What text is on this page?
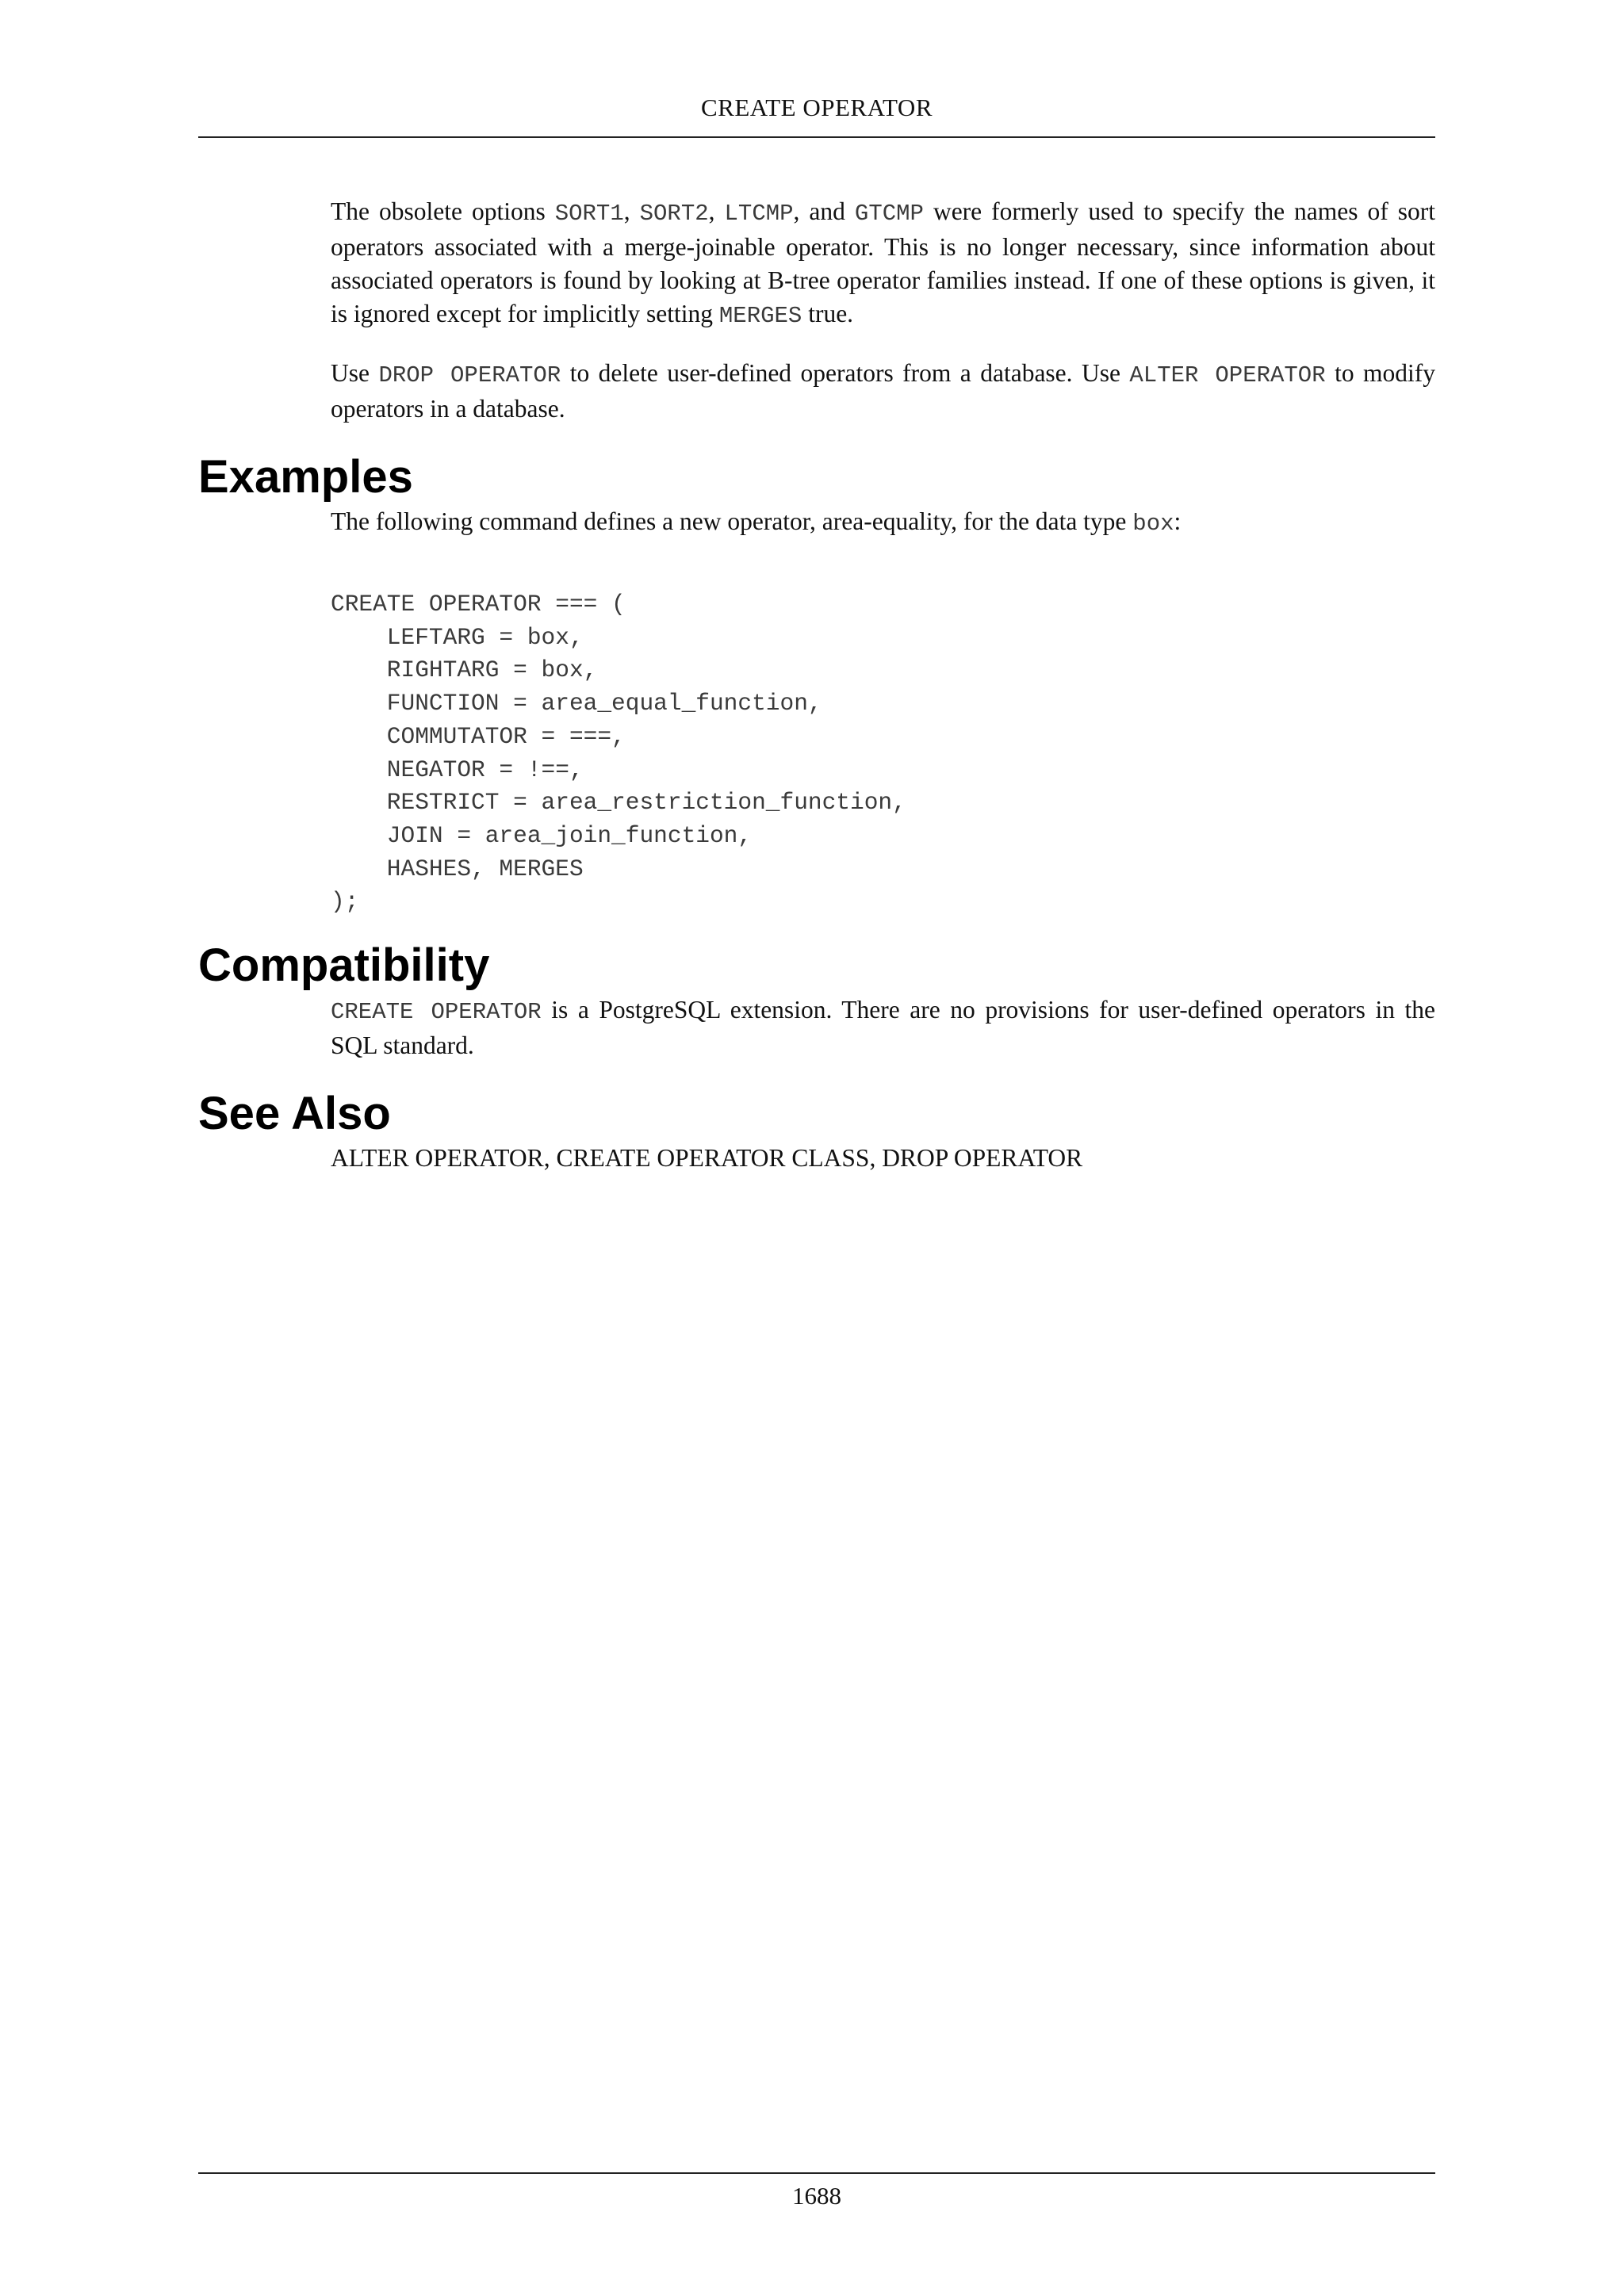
CREATE OPERATOR

The obsolete options SORT1, SORT2, LTCMP, and GTCMP were formerly used to specify the names of sort operators associated with a merge-joinable operator. This is no longer necessary, since information about associated operators is found by looking at B-tree operator families instead. If one of these options is given, it is ignored except for implicitly setting MERGES true.

Use DROP OPERATOR to delete user-defined operators from a database. Use ALTER OPERATOR to modify operators in a database.

Examples

The following command defines a new operator, area-equality, for the data type box:

CREATE OPERATOR === (
LEFTARG = box,
RIGHTARG = box,
FUNCTION = area_equal_function,
COMMUTATOR = ===,
NEGATOR = !==,
RESTRICT = area_restriction_function,
JOIN = area_join_function,
HASHES, MERGES
);
Compatibility

CREATE OPERATOR is a PostgreSQL extension. There are no provisions for user-defined operators in the SQL standard.

See Also

ALTER OPERATOR, CREATE OPERATOR CLASS, DROP OPERATOR

1688
